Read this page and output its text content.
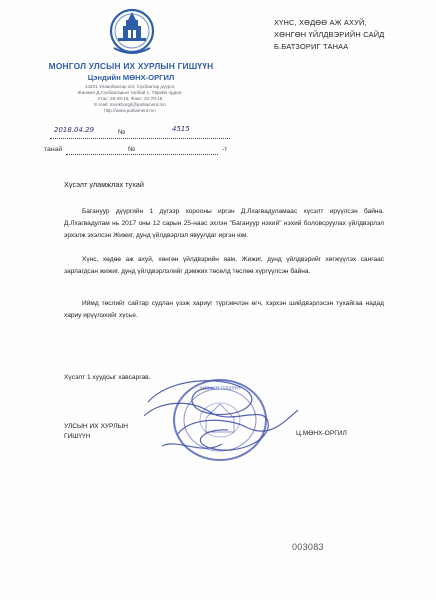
МОНГОЛ УЛСЫН ИХ ХУРЛЫН ГИШҮҮН
Цэндийн МӨНХ-ОРГИЛ
14201 Улаанбаатар хот, Сүхбаатар дүүрэг,
Жанжин Д.Сүхбаатарын талбай 1, Төрийн ордон,
Утас: 26-29-18, Факс: 32-70-16
E-mail: munkhorgil@parliament.mn
http://www.parliament.mn
ХҮНС, ХӨДӨӨ АЖ АХУЙ,
ХӨНГӨН ҮЙЛДВЭРИЙН САЙД
Б.БАТЗОРИГ ТАНАА
2018.04.29	№	4515
танай	№	-т
Хүсэлт уламжлах тухай
Багануур дүүргийн 1 дүгээр хорооны иргэн Д.Лхагвадуламаас хүсэлт ирүүлсэн байна. Д.Лхагвадулам нь 2017 оны 12 сарын 25-наас эхлэн "Багануур нэхий" нэхий боловсруулах үйлдвэрлэл эрхэлж эхэлсэн Жижиг, дунд үйлдвэрлэл явуулдаг иргэн юм.
Хүнс, хөдөө аж ахуй, хөнгөн үйлдвэрийн яам, Жижиг, дунд үйлдвэрийг хөгжүүлэх сангаас зарлагдсан жижиг, дунд үйлдвэрлэлийг дэмжих төсөлд төслөө хүргүүлсэн байна.
Иймд төслийг сайтар судлан үзэж хариуг түргэвчлэн өгч, хэрхэн шийдвэрлэсэн тухайгаа надад хариу ирүүлэхийг хүсье.
Хүсэлт 1 хуудсыг хавсаргав.
УЛСЫН ИХ ХУРЛЫН
ГИШҮҮН	Ц.МӨНХ-ОРГИЛ
УИХ-ЫН ГИШҮҮН
003083
